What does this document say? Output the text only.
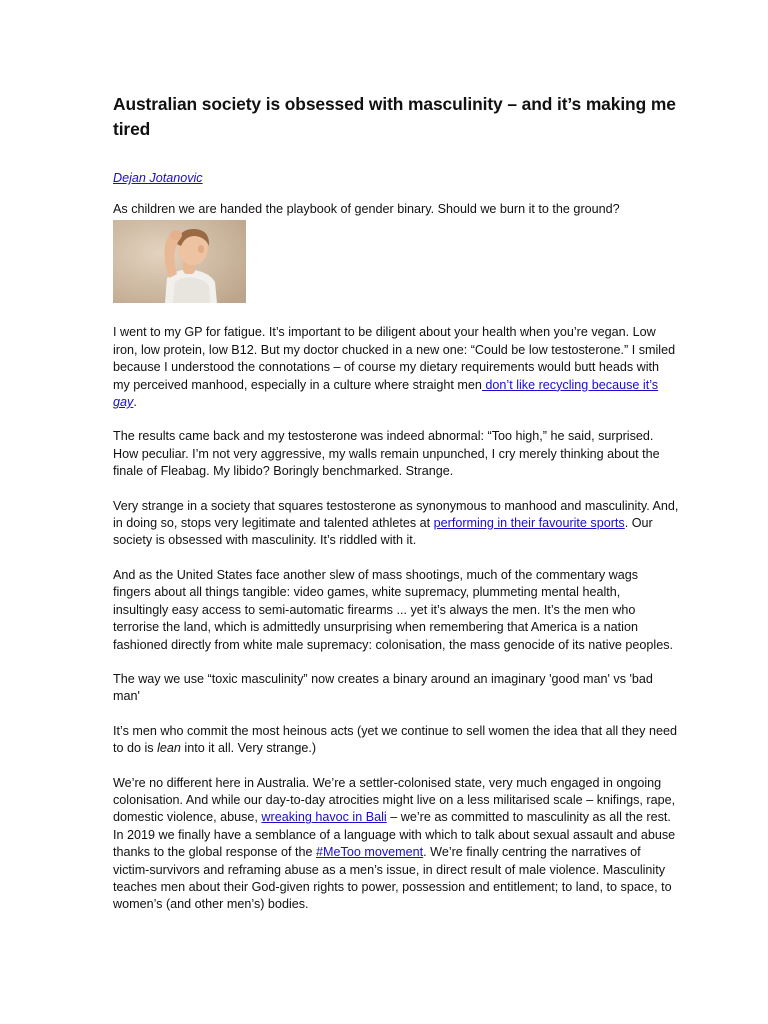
Australian society is obsessed with masculinity – and it’s making me tired
Dejan Jotanovic

As children we are handed the playbook of gender binary. Should we burn it to the ground?

I went to my GP for fatigue. It’s important to be diligent about your health when you’re vegan. Low iron, low protein, low B12. But my doctor chucked in a new one: “Could be low testosterone.” I smiled because I understood the connotations – of course my dietary requirements would butt heads with my perceived manhood, especially in a culture where straight men don’t like recycling because it’s gay.

The results came back and my testosterone was indeed abnormal: “Too high,” he said, surprised. How peculiar. I’m not very aggressive, my walls remain unpunched, I cry merely thinking about the finale of Fleabag. My libido? Boringly benchmarked. Strange.

Very strange in a society that squares testosterone as synonymous to manhood and masculinity. And, in doing so, stops very legitimate and talented athletes at performing in their favourite sports. Our society is obsessed with masculinity. It’s riddled with it.

And as the United States face another slew of mass shootings, much of the commentary wags fingers about all things tangible: video games, white supremacy, plummeting mental health, insultingly easy access to semi-automatic firearms ... yet it’s always the men. It’s the men who terrorise the land, which is admittedly unsurprising when remembering that America is a nation fashioned directly from white male supremacy: colonisation, the mass genocide of its native peoples.

The way we use “toxic masculinity” now creates a binary around an imaginary 'good man' vs 'bad man'

It’s men who commit the most heinous acts (yet we continue to sell women the idea that all they need to do is lean into it all. Very strange.)

We’re no different here in Australia. We’re a settler-colonised state, very much engaged in ongoing colonisation. And while our day-to-day atrocities might live on a less militarised scale – knifings, rape, domestic violence, abuse, wreaking havoc in Bali – we’re as committed to masculinity as all the rest. In 2019 we finally have a semblance of a language with which to talk about sexual assault and abuse thanks to the global response of the #MeToo movement. We’re finally centring the narratives of victim-survivors and reframing abuse as a men’s issue, in direct result of male violence. Masculinity teaches men about their God-given rights to power, possession and entitlement; to land, to space, to women’s (and other men’s) bodies.
